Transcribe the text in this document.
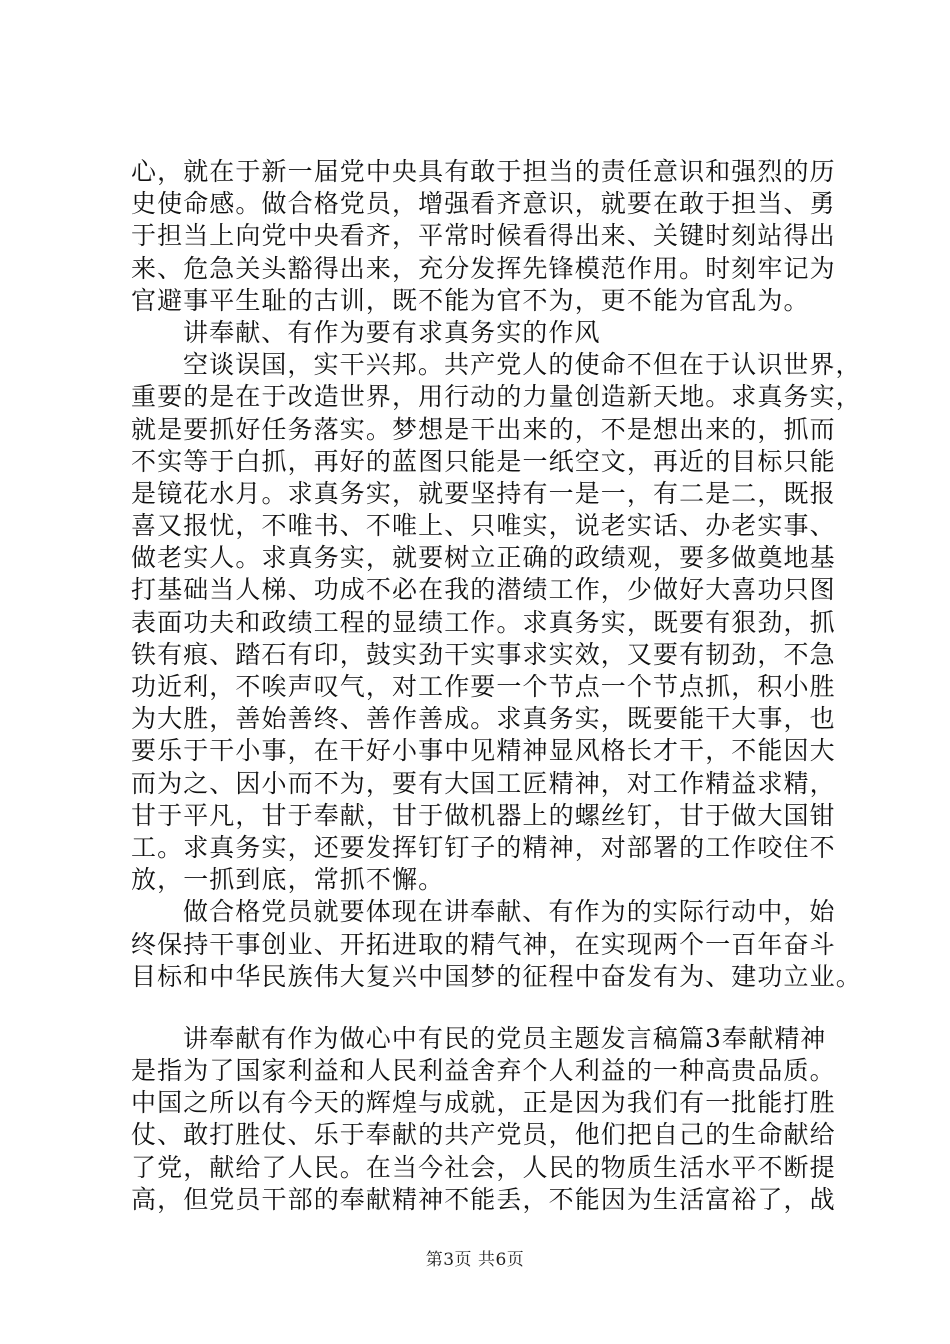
心，就在于新一届党中央具有敢于担当的责任意识和强烈的历
史使命感。做合格党员，增强看齐意识，就要在敢于担当、勇
于担当上向党中央看齐，平常时候看得出来、关键时刻站得出
来、危急关头豁得出来，充分发挥先锋模范作用。时刻牢记为
官避事平生耻的古训，既不能为官不为，更不能为官乱为。
讲奉献、有作为要有求真务实的作风
空谈误国，实干兴邦。共产党人的使命不但在于认识世界，
重要的是在于改造世界，用行动的力量创造新天地。求真务实，
就是要抓好任务落实。梦想是干出来的，不是想出来的，抓而
不实等于白抓，再好的蓝图只能是一纸空文，再近的目标只能
是镜花水月。求真务实，就要坚持有一是一，有二是二，既报
喜又报忧，不唯书、不唯上、只唯实，说老实话、办老实事、
做老实人。求真务实，就要树立正确的政绩观，要多做奠地基
打基础当人梯、功成不必在我的潜绩工作，少做好大喜功只图
表面功夫和政绩工程的显绩工作。求真务实，既要有狠劲，抓
铁有痕、踏石有印，鼓实劲干实事求实效，又要有韧劲，不急
功近利，不唉声叹气，对工作要一个节点一个节点抓，积小胜
为大胜，善始善终、善作善成。求真务实，既要能干大事，也
要乐于干小事，在干好小事中见精神显风格长才干，不能因大
而为之、因小而不为，要有大国工匠精神，对工作精益求精，
甘于平凡，甘于奉献，甘于做机器上的螺丝钉，甘于做大国钳
工。求真务实，还要发挥钉钉子的精神，对部署的工作咬住不
放，一抓到底，常抓不懈。
做合格党员就要体现在讲奉献、有作为的实际行动中，始
终保持干事创业、开拓进取的精气神，在实现两个一百年奋斗
目标和中华民族伟大复兴中国梦的征程中奋发有为、建功立业。
讲奉献有作为做心中有民的党员主题发言稿篇3奉献精神
是指为了国家利益和人民利益舍弃个人利益的一种高贵品质。
中国之所以有今天的辉煌与成就，正是因为我们有一批能打胜
仗、敢打胜仗、乐于奉献的共产党员，他们把自己的生命献给
了党，献给了人民。在当今社会，人民的物质生活水平不断提
高，但党员干部的奉献精神不能丢，不能因为生活富裕了，战
第3页 共6页
